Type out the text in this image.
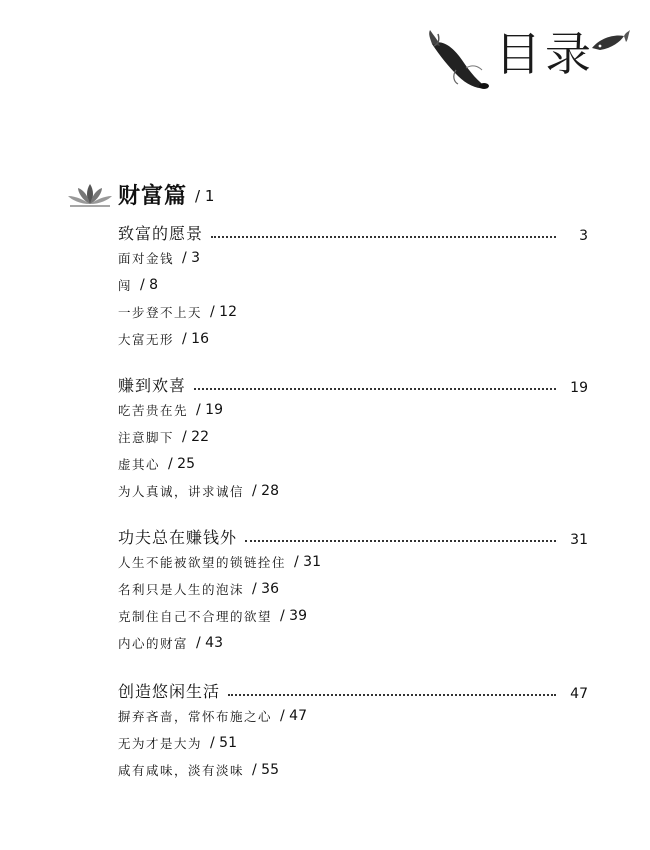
目录
财富篇 / 1
致富的愿景	3
面对金钱 / 3
闯 / 8
一步登不上天 / 12
大富无形 / 16
赚到欢喜	19
吃苦贵在先 / 19
注意脚下 / 22
虚其心 / 25
为人真诚，讲求诚信 / 28
功夫总在赚钱外	31
人生不能被欲望的锁链拴住 / 31
名利只是人生的泡沫 / 36
克制住自己不合理的欲望 / 39
内心的财富 / 43
创造悠闲生活	47
摒弃吝啬，常怀布施之心 / 47
无为才是大为 / 51
咸有咸味，淡有淡味 / 55
